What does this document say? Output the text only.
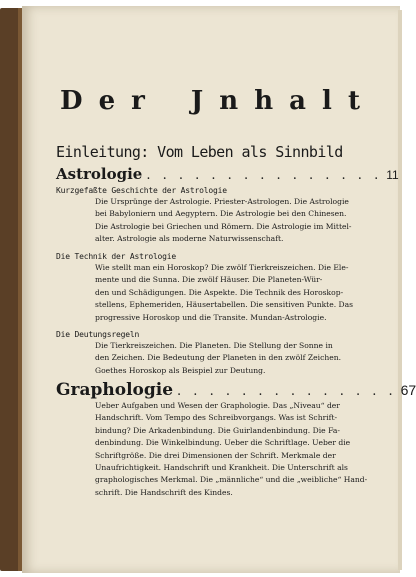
D e r J n h a l t
Einleitung: Vom Leben als Sinnbild
Astrologie . . . . . . . . . . . . . . . 11
Kurzgefaßte Geschichte der Astrologie
Die Ursprünge der Astrologie. Priester-Astrologen. Die Astrologie
bei Babyloniern und Aegyptern. Die Astrologie bei den Chinesen.
Die Astrologie bei Griechen und Römern. Die Astrologie im Mittel-
alter. Astrologie als moderne Naturwissenschaft.
Die Technik der Astrologie
Wie stellt man ein Horoskop? Die zwölf Tierkreiszeichen. Die Ele-
mente und die Sunna. Die zwölf Häuser. Die Planeten-Wür-
den und Schädigungen. Die Aspekte. Die Technik des Horoskop-
stellens, Ephemeriden, Häusertabellen. Die sensitiven Punkte. Das
progressive Horoskop und die Transite. Mundan-Astrologie.
Die Deutungsregeln
Die Tierkreiszeichen. Die Planeten. Die Stellung der Sonne in
den Zeichen. Die Bedeutung der Planeten in den zwölf Zeichen.
Goethes Horoskop als Beispiel zur Deutung.
Graphologie . . . . . . . . . . . . . . 67
Ueber Aufgaben und Wesen der Graphologie. Das „Niveau“ der
Handschrift. Vom Tempo des Schreibvorgangs. Was ist Schrift-
bindung? Die Arkadenbindung. Die Guirlandenbindung. Die Fa-
denbindung. Die Winkelbindung. Ueber die Schriftlage. Ueber die
Schriftgröße. Die drei Dimensionen der Schrift. Merkmale der
Unaufrichtigkeit. Handschrift und Krankheit. Die Unterschrift als
graphologisches Merkmal. Die „männliche“ und die „weibliche“ Hand-
schrift. Die Handschrift des Kindes.
